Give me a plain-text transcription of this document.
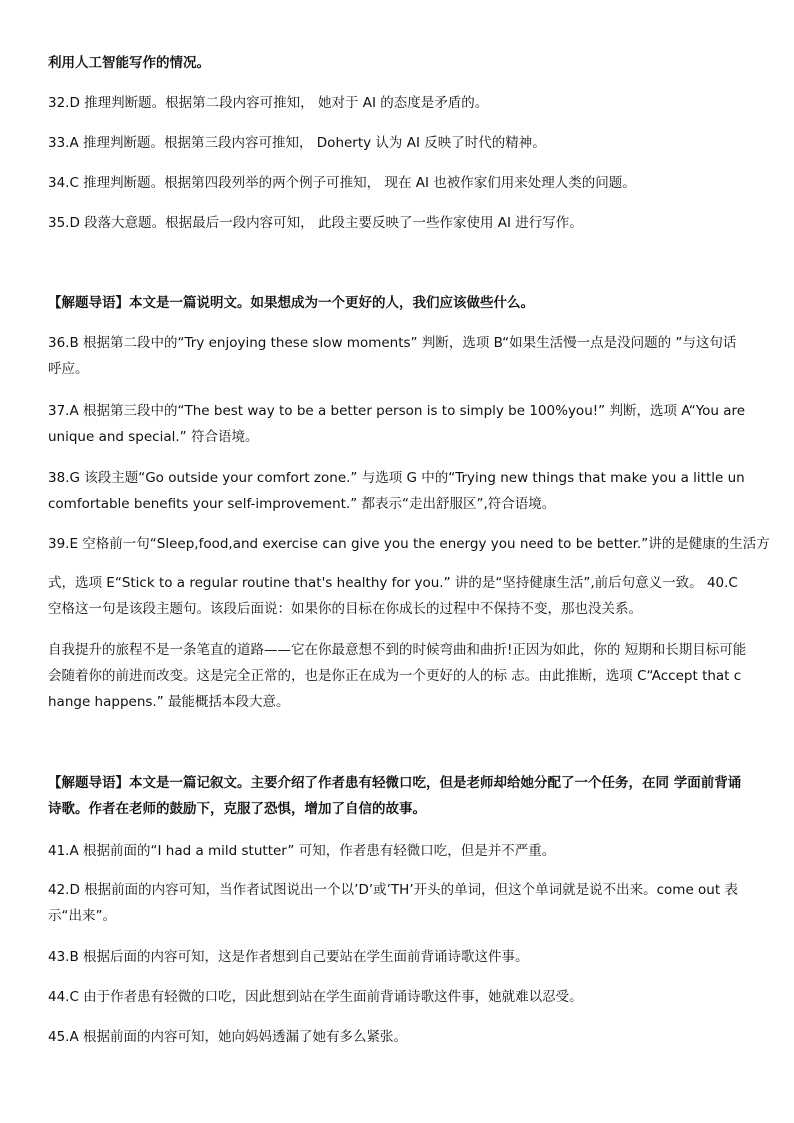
利用人工智能写作的情况。
32.D 推理判断题。根据第二段内容可推知， 她对于 AI 的态度是矛盾的。
33.A 推理判断题。根据第三段内容可推知， Doherty 认为 AI 反映了时代的精神。
34.C 推理判断题。根据第四段列举的两个例子可推知， 现在 AI 也被作家们用来处理人类的问题。
35.D 段落大意题。根据最后一段内容可知， 此段主要反映了一些作家使用 AI 进行写作。
【解题导语】本文是一篇说明文。如果想成为一个更好的人，我们应该做些什么。
36.B 根据第二段中的“Try enjoying these slow moments” 判断，选项 B“如果生活慢一点是没问题的 ”与这句话呼应。
37.A 根据第三段中的“The best way to be a better person is to simply be 100%you!” 判断，选项 A“You are unique and special.” 符合语境。
38.G 该段主题“Go outside your comfort zone.” 与选项 G 中的“Trying new things that make you a little uncomfortable benefits your self-improvement.” 都表示“走出舒服区”,符合语境。
39.E 空格前一句“Sleep,food,and exercise can give you the energy you need to be better.”讲的是健康的生活方
式，选项 E“Stick to a regular routine that's healthy for you.” 讲的是“坚持健康生活”,前后句意义一致。 40.C
空格这一句是该段主题句。该段后面说：如果你的目标在你成长的过程中不保持不变，那也没关系。
自我提升的旅程不是一条笔直的道路——它在你最意想不到的时候弯曲和曲折!正因为如此，你的 短期和长期目标可能会随着你的前进而改变。这是完全正常的，也是你正在成为一个更好的人的标 志。由此推断，选项 C“Accept that change happens.” 最能概括本段大意。
【解题导语】本文是一篇记叙文。主要介绍了作者患有轻微口吃，但是老师却给她分配了一个任务，在同 学面前背诵诗歌。作者在老师的鼓励下，克服了恐惧，增加了自信的故事。
41.A 根据前面的“I had a mild stutter” 可知，作者患有轻微口吃，但是并不严重。
42.D 根据前面的内容可知，当作者试图说出一个以’D’或’TH’开头的单词，但这个单词就是说不出来。come out 表示“出来”。
43.B 根据后面的内容可知，这是作者想到自己要站在学生面前背诵诗歌这件事。
44.C 由于作者患有轻微的口吃，因此想到站在学生面前背诵诗歌这件事，她就难以忍受。
45.A 根据前面的内容可知，她向妈妈透漏了她有多么紧张。
